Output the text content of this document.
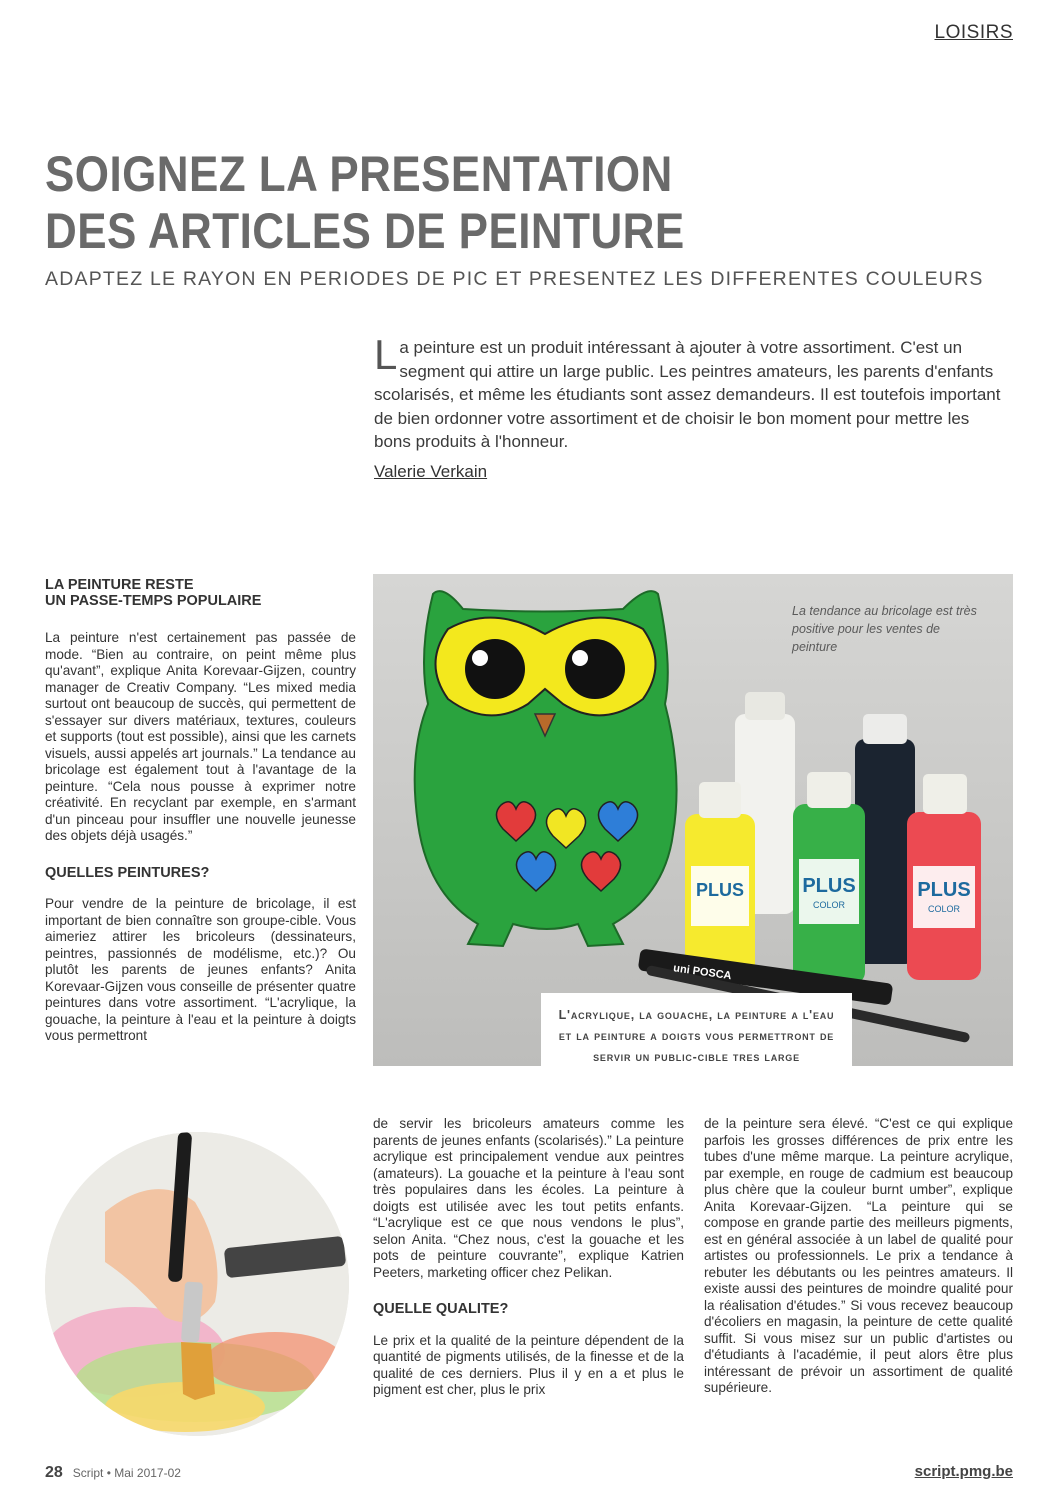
LOISIRS
SOIGNEZ LA PRESENTATION
DES ARTICLES DE PEINTURE
ADAPTEZ LE RAYON EN PERIODES DE PIC ET PRESENTEZ LES DIFFERENTES COULEURS
La peinture est un produit intéressant à ajouter à votre assortiment. C'est un segment qui attire un large public. Les peintres amateurs, les parents d'enfants scolarisés, et même les étudiants sont assez demandeurs. Il est toutefois important de bien ordonner votre assortiment et de choisir le bon moment pour mettre les bons produits à l'honneur.
Valerie Verkain
LA PEINTURE RESTE
UN PASSE-TEMPS POPULAIRE

La peinture n'est certainement pas passée de mode. “Bien au contraire, on peint même plus qu'avant”, explique Anita Korevaar-Gijzen, country manager de Creativ Company. “Les mixed media surtout ont beaucoup de succès, qui permettent de s'essayer sur divers matériaux, textures, couleurs et supports (tout est possible), ainsi que les carnets visuels, aussi appelés art journals.” La tendance au bricolage est également tout à l'avantage de la peinture. “Cela nous pousse à exprimer notre créativité. En recyclant par exemple, en s'armant d'un pinceau pour insuffler une nouvelle jeunesse des objets déjà usagés.”

QUELLES PEINTURES?

Pour vendre de la peinture de bricolage, il est important de bien connaître son groupe-cible. Vous aimeriez attirer les bricoleurs (dessinateurs, peintres, passionnés de modélisme, etc.)? Ou plutôt les parents de jeunes enfants? Anita Korevaar-Gijzen vous conseille de présenter quatre peintures dans votre assortiment. “L'acrylique, la gouache, la peinture à l'eau et la peinture à doigts vous permettront

PLUS	PLUS	PLUS
COLOR	COLOR
uni POSCA
La tendance au bricolage est très positive pour les ventes de peinture
L'acrylique, la gouache, la peinture a l'eau et la peinture a doigts vous permettront de servir un public-cible tres large

de servir les bricoleurs amateurs comme les parents de jeunes enfants (scolarisés).” La peinture acrylique est principalement vendue aux peintres (amateurs). La gouache et la peinture à l'eau sont très populaires dans les écoles. La peinture à doigts est utilisée avec les tout petits enfants. “L'acrylique est ce que nous vendons le plus”, selon Anita. “Chez nous, c'est la gouache et les pots de peinture couvrante”, explique Katrien Peeters, marketing officer chez Pelikan.

QUELLE QUALITE?

Le prix et la qualité de la peinture dépendent de la quantité de pigments utilisés, de la finesse et de la qualité de ces derniers. Plus il y en a et plus le pigment est cher, plus le prix

de la peinture sera élevé. “C'est ce qui explique parfois les grosses différences de prix entre les tubes d'une même marque. La peinture acrylique, par exemple, en rouge de cadmium est beaucoup plus chère que la couleur burnt umber”, explique Anita Korevaar-Gijzen. “La peinture qui se compose en grande partie des meilleurs pigments, est en général associée à un label de qualité pour artistes ou professionnels. Le prix a tendance à rebuter les débutants ou les peintres amateurs. Il existe aussi des peintures de moindre qualité pour la réalisation d'études.” Si vous recevez beaucoup d'écoliers en magasin, la peinture de cette qualité suffit. Si vous misez sur un public d'artistes ou d'étudiants à l'académie, il peut alors être plus intéressant de prévoir un assortiment de qualité supérieure.

28 Script • Mai 2017-02	script.pmg.be
